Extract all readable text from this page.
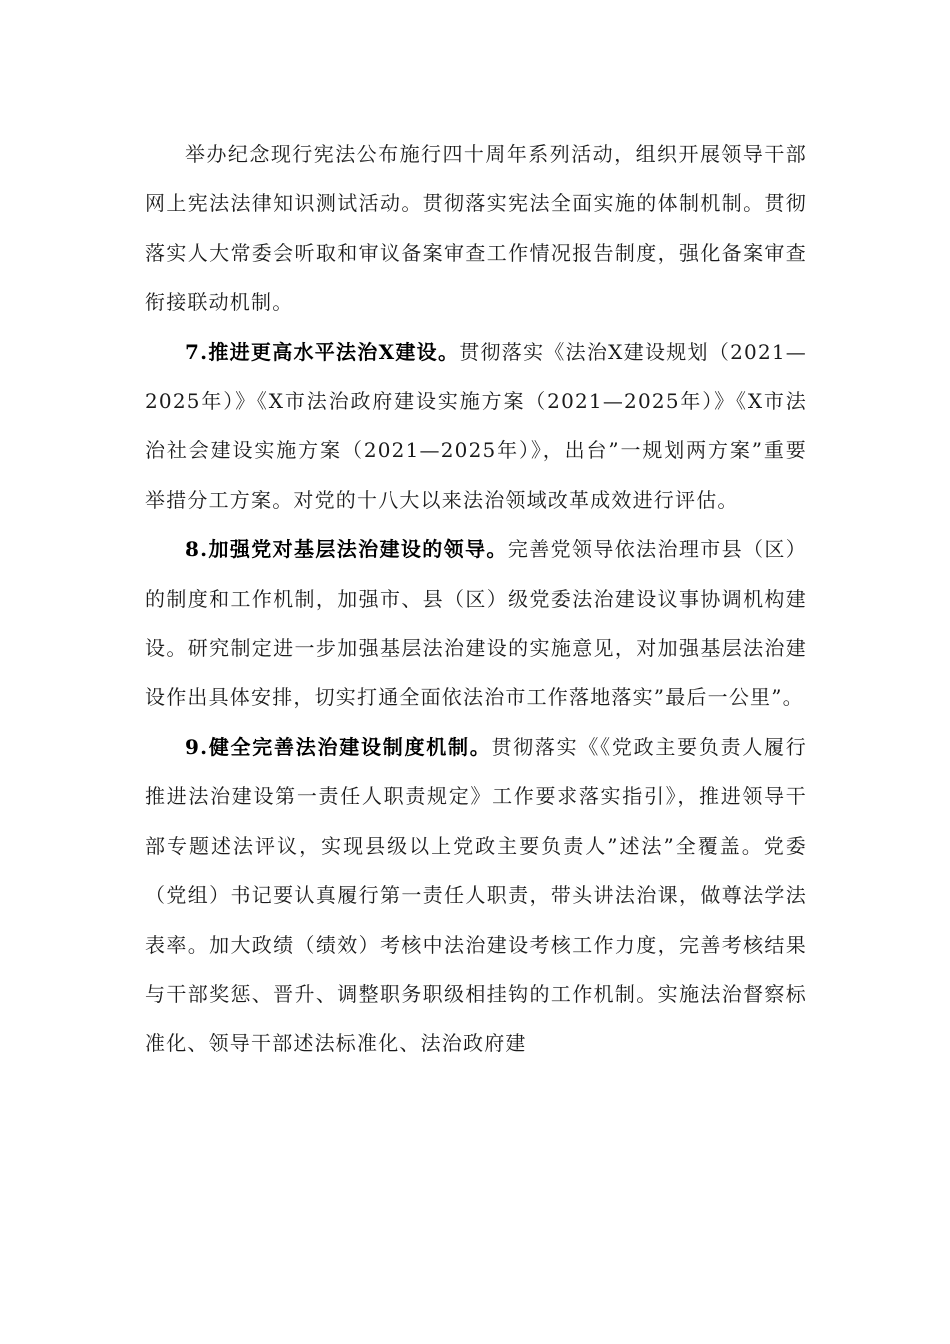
举办纪念现行宪法公布施行四十周年系列活动，组织开展领导干部网上宪法法律知识测试活动。贯彻落实宪法全面实施的体制机制。贯彻落实人大常委会听取和审议备案审查工作情况报告制度，强化备案审查衔接联动机制。

7.推进更高水平法治X建设。贯彻落实《法治X建设规划（2021—2025年）》《X市法治政府建设实施方案（2021—2025年）》《X市法治社会建设实施方案（2021—2025年）》，出台”一规划两方案”重要举措分工方案。对党的十八大以来法治领域改革成效进行评估。

8.加强党对基层法治建设的领导。完善党领导依法治理市县（区）的制度和工作机制，加强市、县（区）级党委法治建设议事协调机构建设。研究制定进一步加强基层法治建设的实施意见，对加强基层法治建设作出具体安排，切实打通全面依法治市工作落地落实”最后一公里”。

9.健全完善法治建设制度机制。贯彻落实《《党政主要负责人履行推进法治建设第一责任人职责规定》工作要求落实指引》，推进领导干部专题述法评议，实现县级以上党政主要负责人”述法”全覆盖。党委（党组）书记要认真履行第一责任人职责，带头讲法治课，做尊法学法表率。加大政绩（绩效）考核中法治建设考核工作力度，完善考核结果与干部奖惩、晋升、调整职务职级相挂钩的工作机制。实施法治督察标准化、领导干部述法标准化、法治政府建
